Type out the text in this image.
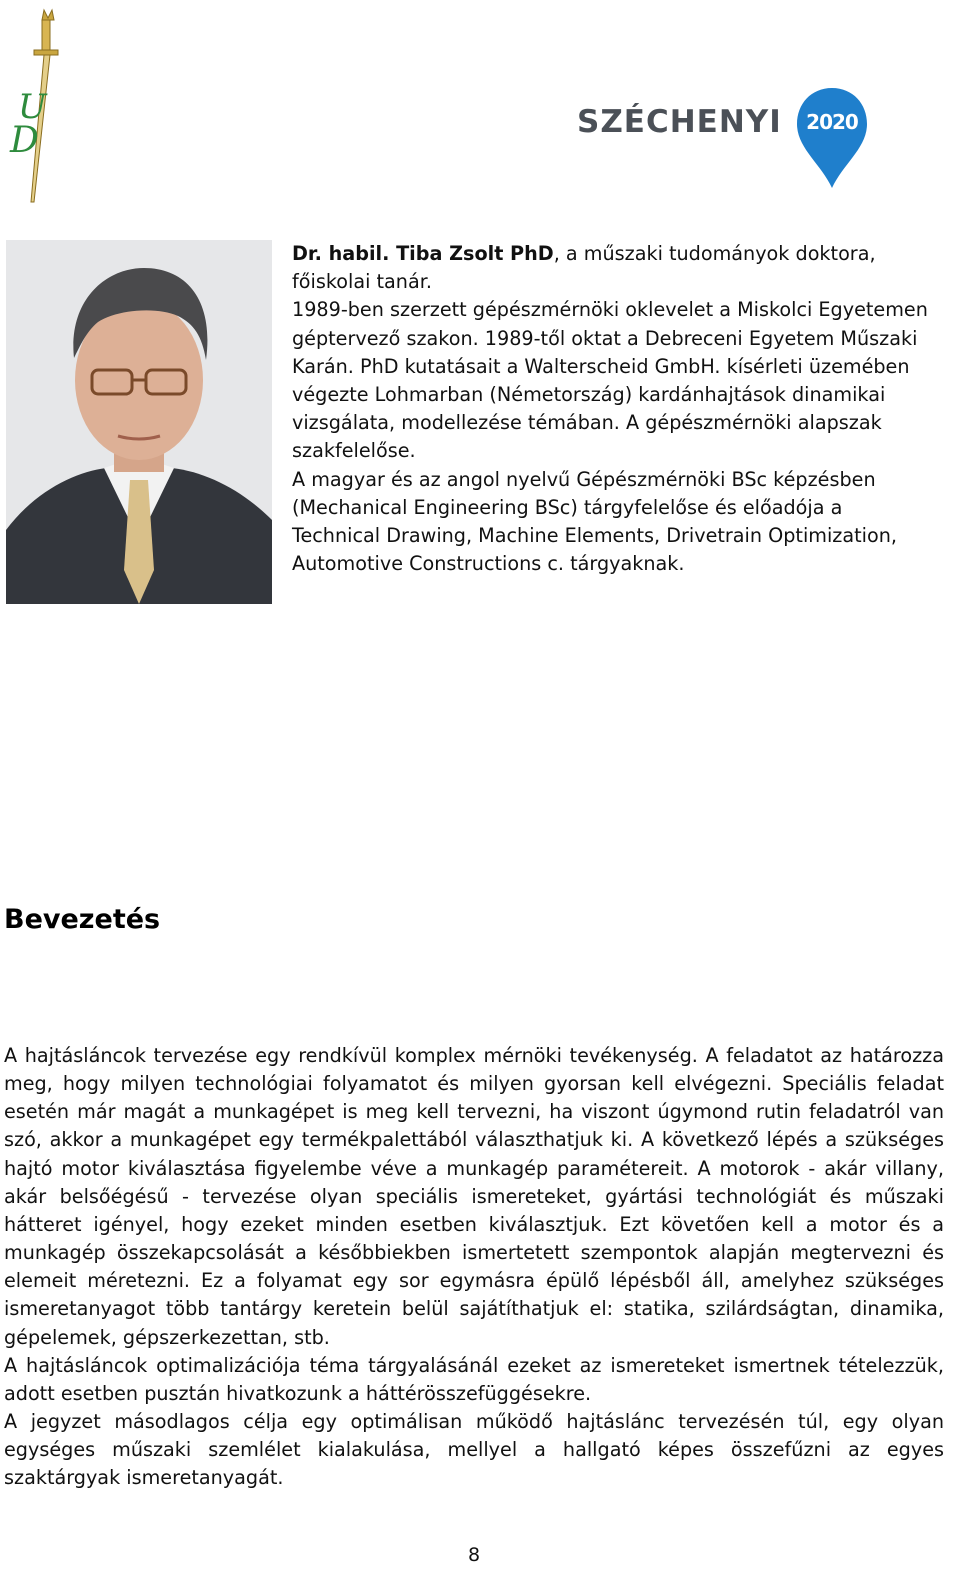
U
D	SZÉCHENYI	2020

Dr. habil. Tiba Zsolt PhD, a műszaki tudományok doktora, főiskolai tanár.

1989-ben szerzett gépészmérnöki oklevelet a Miskolci Egyetemen géptervező szakon. 1989-től oktat a Debreceni Egyetem Műszaki Karán. PhD kutatásait a Walterscheid GmbH. kísérleti üzemében végezte Lohmarban (Németország) kardánhajtások dinamikai vizsgálata, modellezése témában. A gépészmérnöki alapszak szakfelelőse.

A magyar és az angol nyelvű Gépészmérnöki BSc képzésben (Mechanical Engineering BSc) tárgyfelelőse és előadója a Technical Drawing, Machine Elements, Drivetrain Optimization, Automotive Constructions c. tárgyaknak.

Bevezetés

A hajtásláncok tervezése egy rendkívül komplex mérnöki tevékenység. A feladatot az határozza meg, hogy milyen technológiai folyamatot és milyen gyorsan kell elvégezni. Speciális feladat esetén már magát a munkagépet is meg kell tervezni, ha viszont úgymond rutin feladatról van szó, akkor a munkagépet egy termékpalettából választhatjuk ki. A következő lépés a szükséges hajtó motor kiválasztása figyelembe véve a munkagép paramétereit. A motorok - akár villany, akár belsőégésű - tervezése olyan speciális ismereteket, gyártási technológiát és műszaki hátteret igényel, hogy ezeket minden esetben kiválasztjuk. Ezt követően kell a motor és a munkagép összekapcsolását a későbbiekben ismertetett szempontok alapján megtervezni és elemeit méretezni. Ez a folyamat egy sor egymásra épülő lépésből áll, amelyhez szükséges ismeretanyagot több tantárgy keretein belül sajátíthatjuk el: statika, szilárdságtan, dinamika, gépelemek, gépszerkezettan, stb.

A hajtásláncok optimalizációja téma tárgyalásánál ezeket az ismereteket ismertnek tételezzük, adott esetben pusztán hivatkozunk a háttérösszefüggésekre.

A jegyzet másodlagos célja egy optimálisan működő hajtáslánc tervezésén túl, egy olyan egységes műszaki szemlélet kialakulása, mellyel a hallgató képes összefűzni az egyes szaktárgyak ismeretanyagát.

8
